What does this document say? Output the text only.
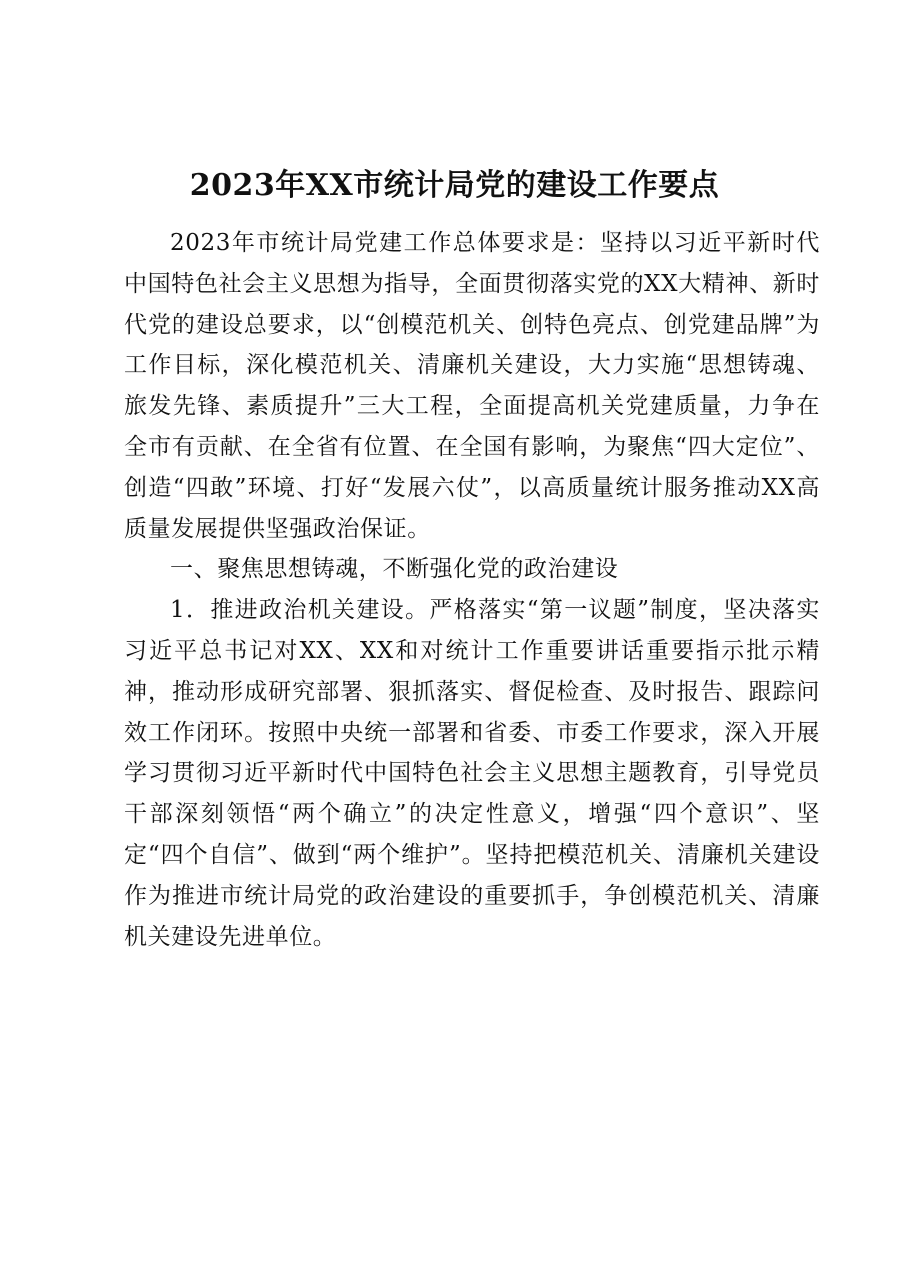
2023年XX市统计局党的建设工作要点

2023年市统计局党建工作总体要求是：坚持以习近平新时代中国特色社会主义思想为指导，全面贯彻落实党的XX大精神、新时代党的建设总要求，以“创模范机关、创特色亮点、创党建品牌”为工作目标，深化模范机关、清廉机关建设，大力实施“思想铸魂、旅发先锋、素质提升”三大工程，全面提高机关党建质量，力争在全市有贡献、在全省有位置、在全国有影响，为聚焦“四大定位”、创造“四敢”环境、打好“发展六仗”，以高质量统计服务推动XX高质量发展提供坚强政治保证。

一、聚焦思想铸魂，不断强化党的政治建设

1．推进政治机关建设。严格落实“第一议题”制度，坚决落实习近平总书记对XX、XX和对统计工作重要讲话重要指示批示精神，推动形成研究部署、狠抓落实、督促检查、及时报告、跟踪问效工作闭环。按照中央统一部署和省委、市委工作要求，深入开展学习贯彻习近平新时代中国特色社会主义思想主题教育，引导党员干部深刻领悟“两个确立”的决定性意义，增强“四个意识”、坚定“四个自信”、做到“两个维护”。坚持把模范机关、清廉机关建设作为推进市统计局党的政治建设的重要抓手，争创模范机关、清廉机关建设先进单位。
